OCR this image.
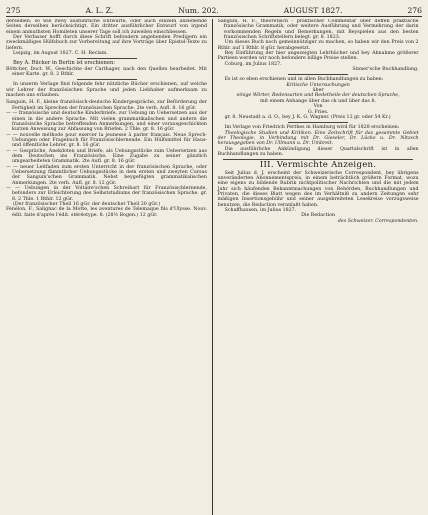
275	A. L. Z.	Num. 202.	AUGUST 1827.	276

derselben; so wie zwey ausführliche Entwürfe, oder auch einzeln anziehende Seiten derselben berücksichtigt. Ein dritter ausführlicher Entwurf von irgend einem anmuthsten Homileten unserer Tage soll ich zuweilen einschliessen.

Der Verfasser hofft durch diese Schrift befondern angehenden Predigern ein zweckmäßiges Hülfsbuch zur Vorbereitung auf ihre Vorträge über Epistel-Texte zu liefern.

Leipzig, im August 1827. C. H. Reclam.

Bey A. Rücker in Berlin ist erschienen:

Böttcher, Doct. W., Geschichte der Carthager, nach den Quellen bearbeitet. Mit einer Karte. gr. 8. 2 Rthlr.

In unserm Verlage find folgende fehr nützliche Bücher erschienen, auf welche wir Lehrer der französischen Sprache und jeden Liebhaber aufmerksam zu machen uns erlauben:

Sanguin, H. F., kleine französisch-deutsche Kindergespräche, zur Beförderung der Fertigkeit im Sprechen der französischen Sprache. 2te verb. Aufl. 8. 16 gGr.

— — französische und deutsche Kinderbriefe, zur Uebung im Uebersetzen aus der einen in die andere Sprache. Mit vielen grammatikalischen und andern die französische Sprache betreffenden Anmerkungen, und einer vorausgeschickten kurzen Anweisung zur Abfassung von Briefen. 2 Thle. gr. 8. 16 gGr.

— — nouvelle méthode pour exercer la jeunesse à parler français. Neue Sprech-Uebungen oder Fragebuch für Französischlernende. Ein Hülfsmittel für Haus- und öffentliche Lehrer. gr. 8. 16 gGr.

— — Gespräche, Anekdoten und Briefe, als Uebungsstücke zum Uebersetzen aus dem Deutschen ins Französische. Eine Zugabe zu seiner gänzlich umgearbeiteten Grammatik. 2te Aufl. gr. 8. 16 gGr.

— — neuer Leitfaden zum ersten Unterricht in der französischen Sprache, oder Uebersetzung fämmtlicher Uebungsstücke in dem ersten und zweyten Cursus der Sanguin'schen Grammatik. Nebst beygefügten grammatikalischen Anmerkungen. 2te verb. Aufl. gr. 8. 12 gGr.

— — Uebungen in der Voltaire'schen Schreibart für Französischlernende, befonders zur Erleichterung des Selbststudiums der französischen Sprache. gr. 8. 2 Thle. 1 Rthlr. 12 gGr.

(Der französischer Theil 16 gGr. der deutscher Theil 20 gGr.)

Fénélon, F., Salignac de la Motte, les aventures de Telemaque fils d'Ulysse. Nouv. édit. faite d'après l'édit. stéréotype. 8. (28½ Bogen.) 12 gGr.

Sanguin, H. F., theoretisch - praktischer Commentar über deffen praktische französische Grammatik, oder weitere Ausführung und Vermehrung der darin vorkommenden Regeln und Bemerkungen, mit Beyspielen aus den besten französischen Schriftstellern belegt. gr. 8. 1823.

Um dieses Buch noch gemeinnütziger zu machen, so haben wir den Preis von 2 Rthlr. auf 1 Rthlr. 8 gGr. herabgesetzt.

Bey Einführung der hier angezeigten Lehrbücher und bey Abnahme größerer Partieen werden wir noch befondere billige Preise stellen.

Coburg, im Julius 1827.

Sinner'sche Buchhandlung.

Es ist so eben erschienen und in allen Buchhandlungen zu haben:

Kritische Untersuchungen

über

einige Wörter, Redensarten und Redetheile der deutschen Sprache,

mit einem Anhange über das ck und über das ß.

Von

G. Fries.

gr. 8. Neustadt a. d. O., bey J. K. G. Wagner. (Preis 12 gr. oder 54 Kr.)

Im Verlage von Friedrich Perthes in Hamburg wird für 1828 erscheinen:

Theologische Studien und Kritiken. Eine Zeitschrift für das gesammte Gebiet der Theologie, in Verbindung mit Dr. Gieseler, Dr. Lücke u. Dr. Nitzsch herausgegeben von Dr. Ullmann u. Dr. Umbreit.

Die ausführliche Ankündigung dieser Quartalschrift ist in allen Buchhandlungen zu haben.

III. Vermischte Anzeigen.

Seit Julius d. J. erscheint der Schweizerische Correspondent, bey übrigens unveränderten Abonnementspreis, in einem beträchtlich größern Format, wozu eine eigens zu bildende Rubrik nichtpolitischer Nachrichten und die mit jedem Jahr sich häufenden Bekanntmachungen von Behörden, Buchhandlungen und Privaten, die dieses Blatt wegen des im Verhältniß zu andern Zeitungen sehr mäßigen Insertionsgebühr und seiner ausgebreiteten Lesekreise vorzugsweise benutzen, die Redaction veranlaßt haben.

Schaffhausen, im Julius 1827.

Die Redaction

des Schweizer. Correspondenten.
